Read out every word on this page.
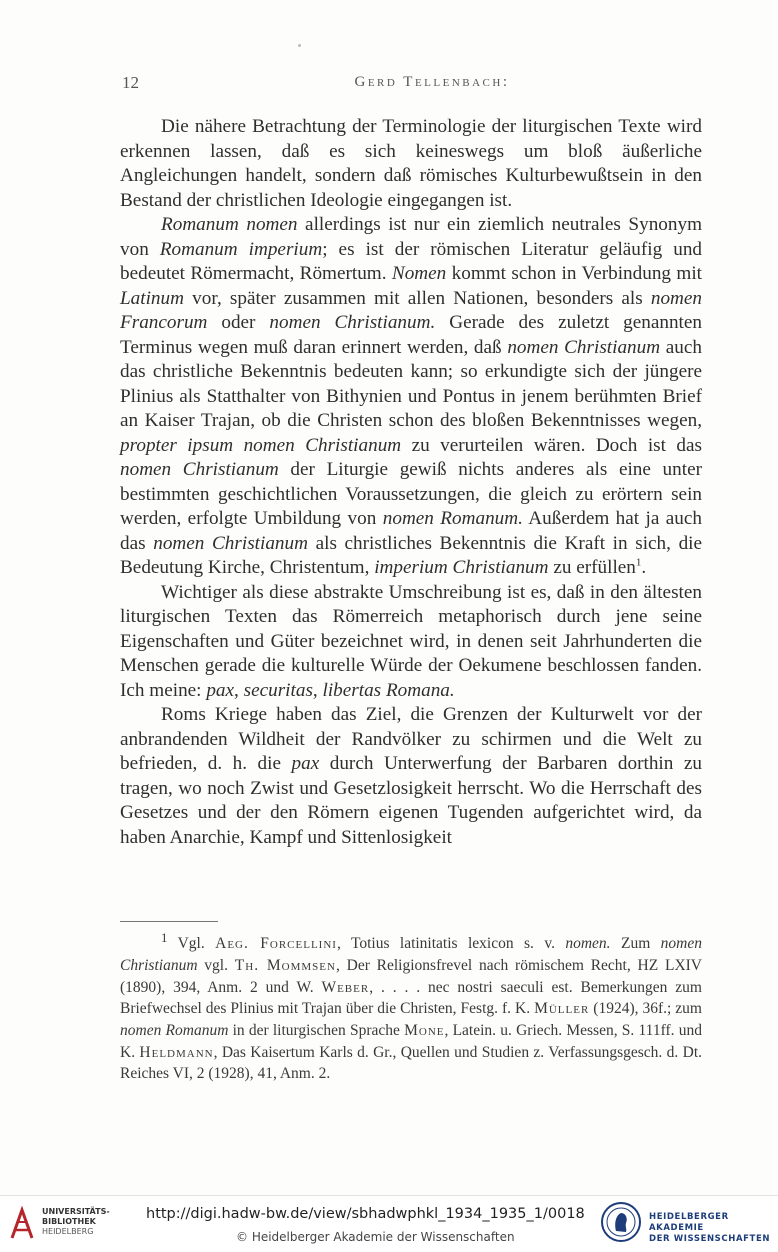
12	Gerd Tellenbach:

Die nähere Betrachtung der Terminologie der liturgischen Texte wird erkennen lassen, daß es sich keineswegs um bloß äußerliche Angleichungen handelt, sondern daß römisches Kulturbewußtsein in den Bestand der christlichen Ideologie eingegangen ist.

Romanum nomen allerdings ist nur ein ziemlich neutrales Synonym von Romanum imperium; es ist der römischen Literatur geläufig und bedeutet Römermacht, Römertum. Nomen kommt schon in Verbindung mit Latinum vor, später zusammen mit allen Nationen, besonders als nomen Francorum oder nomen Christianum. Gerade des zuletzt genannten Terminus wegen muß daran erinnert werden, daß nomen Christianum auch das christliche Bekenntnis bedeuten kann; so erkundigte sich der jüngere Plinius als Statthalter von Bithynien und Pontus in jenem berühmten Brief an Kaiser Trajan, ob die Christen schon des bloßen Bekenntnisses wegen, propter ipsum nomen Christianum zu verurteilen wären. Doch ist das nomen Christianum der Liturgie gewiß nichts anderes als eine unter bestimmten geschichtlichen Voraussetzungen, die gleich zu erörtern sein werden, erfolgte Umbildung von nomen Romanum. Außerdem hat ja auch das nomen Christianum als christliches Bekenntnis die Kraft in sich, die Bedeutung Kirche, Christentum, imperium Christianum zu erfüllen$^1$.

Wichtiger als diese abstrakte Umschreibung ist es, daß in den ältesten liturgischen Texten das Römerreich metaphorisch durch jene seine Eigenschaften und Güter bezeichnet wird, in denen seit Jahrhunderten die Menschen gerade die kulturelle Würde der Oekumene beschlossen fanden. Ich meine: pax, securitas, libertas Romana.

Roms Kriege haben das Ziel, die Grenzen der Kulturwelt vor der anbrandenden Wildheit der Randvölker zu schirmen und die Welt zu befrieden, d. h. die pax durch Unterwerfung der Barbaren dorthin zu tragen, wo noch Zwist und Gesetzlosigkeit herrscht. Wo die Herrschaft des Gesetzes und der den Römern eigenen Tugenden aufgerichtet wird, da haben Anarchie, Kampf und Sittenlosigkeit

$^1$ Vgl. Aeg. Forcellini, Totius latinitatis lexicon s. v. nomen. Zum nomen Christianum vgl. Th. Mommsen, Der Religionsfrevel nach römischem Recht, HZ LXIV (1890), 394, Anm. 2 und W. Weber, . . . . nec nostri saeculi est. Bemerkungen zum Briefwechsel des Plinius mit Trajan über die Christen, Festg. f. K. Müller (1924), 36f.; zum nomen Romanum in der liturgischen Sprache Mone, Latein. u. Griech. Messen, S. 111ff. und K. Heldmann, Das Kaisertum Karls d. Gr., Quellen und Studien z. Verfassungsgesch. d. Dt. Reiches VI, 2 (1928), 41, Anm. 2.

UNIVERSITÄTS-
BIBLIOTHEK
HEIDELBERG
http://digi.hadw-bw.de/view/sbhadwphkl_1934_1935_1/0018
© Heidelberger Akademie der Wissenschaften
HEIDELBERGER AKADEMIE
DER WISSENSCHAFTEN
